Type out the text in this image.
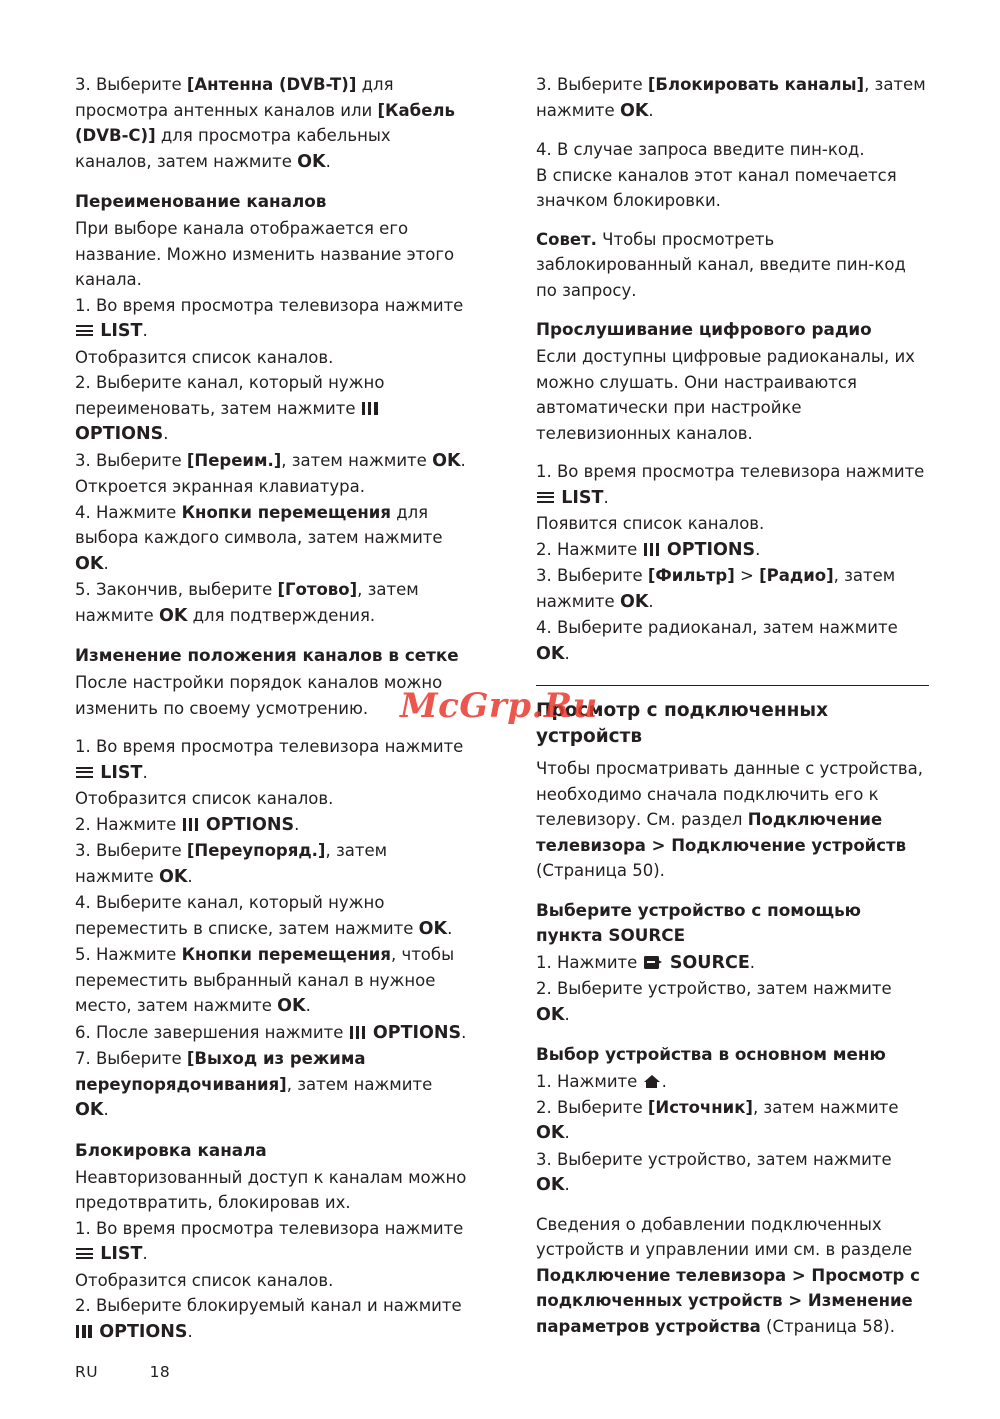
3. Выберите [Антенна (DVB-T)] для просмотра антенных каналов или [Кабель (DVB-C)] для просмотра кабельных каналов, затем нажмите OK.

Переименование каналов

При выборе канала отображается его название. Можно изменить название этого канала.

1. Во время просмотра телевизора нажмите
LIST.

Отобразится список каналов.

2. Выберите канал, который нужно переименовать, затем нажмите
OPTIONS.

3. Выберите [Переим.], затем нажмите OK.

Откроется экранная клавиатура.

4. Нажмите Кнопки перемещения для выбора каждого символа, затем нажмите OK.

5. Закончив, выберите [Готово], затем нажмите OK для подтверждения.

Изменение положения каналов в сетке

После настройки порядок каналов можно изменить по своему усмотрению.

1. Во время просмотра телевизора нажмите
LIST.

Отобразится список каналов.

2. Нажмите
OPTIONS.

3. Выберите [Переупоряд.], затем нажмите OK.

4. Выберите канал, который нужно переместить в списке, затем нажмите OK.

5. Нажмите Кнопки перемещения, чтобы переместить выбранный канал в нужное место, затем нажмите OK.

6. После завершения нажмите OPTIONS.

7. Выберите [Выход из режима переупорядочивания], затем нажмите OK.

Блокировка канала

Неавторизованный доступ к каналам можно предотвратить, блокировав их.

1. Во время просмотра телевизора нажмите
LIST.

Отобразится список каналов.

2. Выберите блокируемый канал и нажмите
OPTIONS.

3. Выберите [Блокировать каналы], затем нажмите OK.

4. В случае запроса введите пин-код.

В списке каналов этот канал помечается значком блокировки.

Совет. Чтобы просмотреть заблокированный канал, введите пин-код по запросу.

Прослушивание цифрового радио

Если доступны цифровые радиоканалы, их можно слушать. Они настраиваются автоматически при настройке телевизионных каналов.

1. Во время просмотра телевизора нажмите
LIST.

Появится список каналов.

2. Нажмите
OPTIONS.

3. Выберите [Фильтр] > [Радио], затем нажмите OK.

4. Выберите радиоканал, затем нажмите OK.

Просмотр с подключенных устройств

Чтобы просматривать данные с устройства, необходимо сначала подключить его к телевизору. См. раздел Подключение телевизора > Подключение устройств (Страница 50).

Выберите устройство с помощью пункта SOURCE

1. Нажмите
SOURCE.

2. Выберите устройство, затем нажмите OK.

Выбор устройства в основном меню

1. Нажмите
.

2. Выберите [Источник], затем нажмите OK.

3. Выберите устройство, затем нажмите OK.

Сведения о добавлении подключенных устройств и управлении ими см. в разделе Подключение телевизора > Просмотр с подключенных устройств > Изменение параметров устройства (Страница 58).

McGrp.Ru
RU	18
